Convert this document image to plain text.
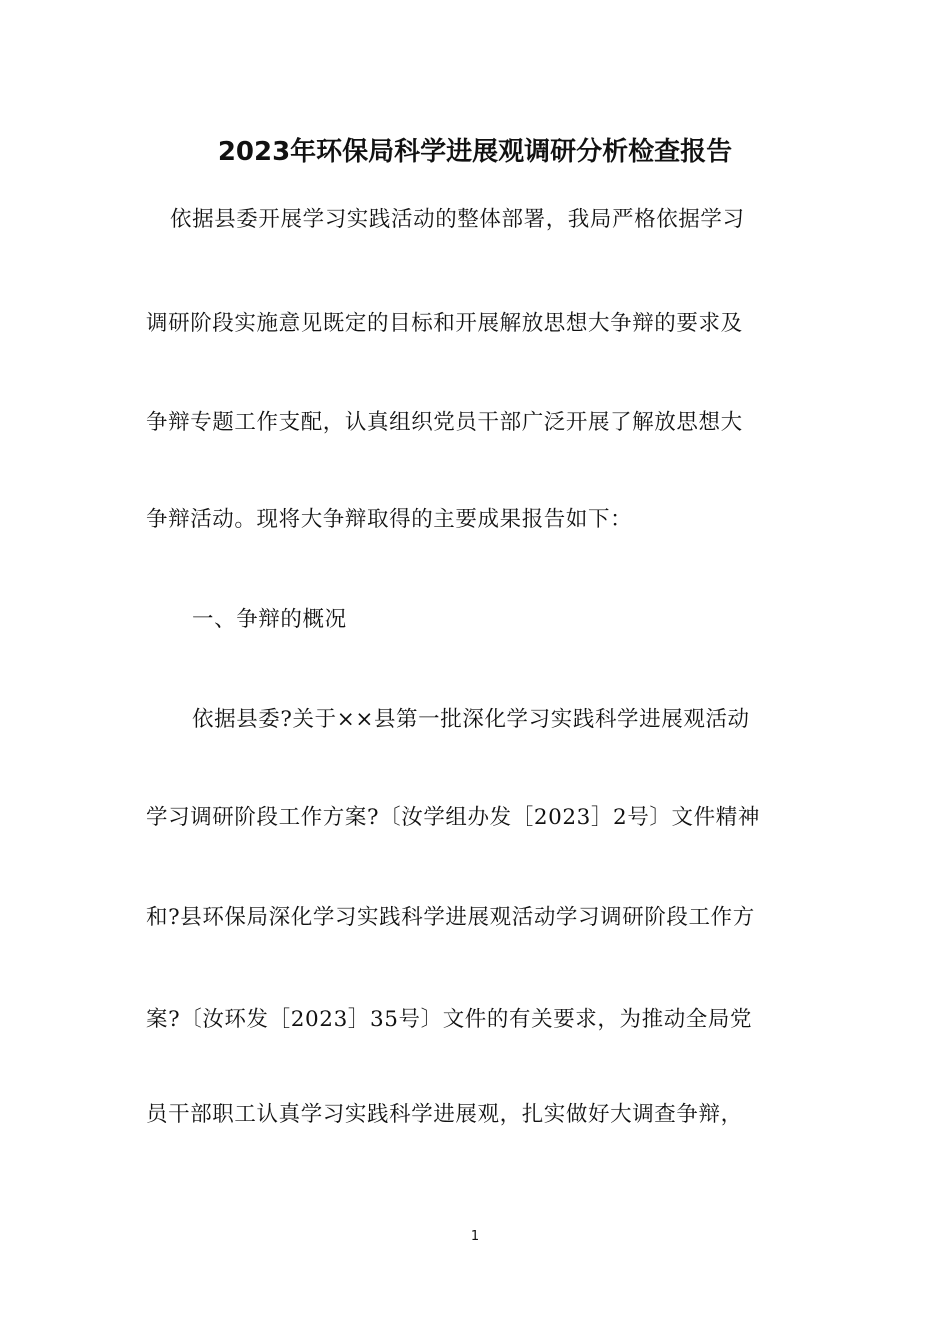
2023年环保局科学进展观调研分析检查报告

依据县委开展学习实践活动的整体部署，我局严格依据学习

调研阶段实施意见既定的目标和开展解放思想大争辩的要求及

争辩专题工作支配，认真组织党员干部广泛开展了解放思想大

争辩活动。现将大争辩取得的主要成果报告如下：

一、争辩的概况

依据县委?关于××县第一批深化学习实践科学进展观活动

学习调研阶段工作方案?〔汝学组办发［2023］2号〕文件精神

和?县环保局深化学习实践科学进展观活动学习调研阶段工作方

案?〔汝环发［2023］35号〕文件的有关要求，为推动全局党

员干部职工认真学习实践科学进展观，扎实做好大调查争辩，

1
